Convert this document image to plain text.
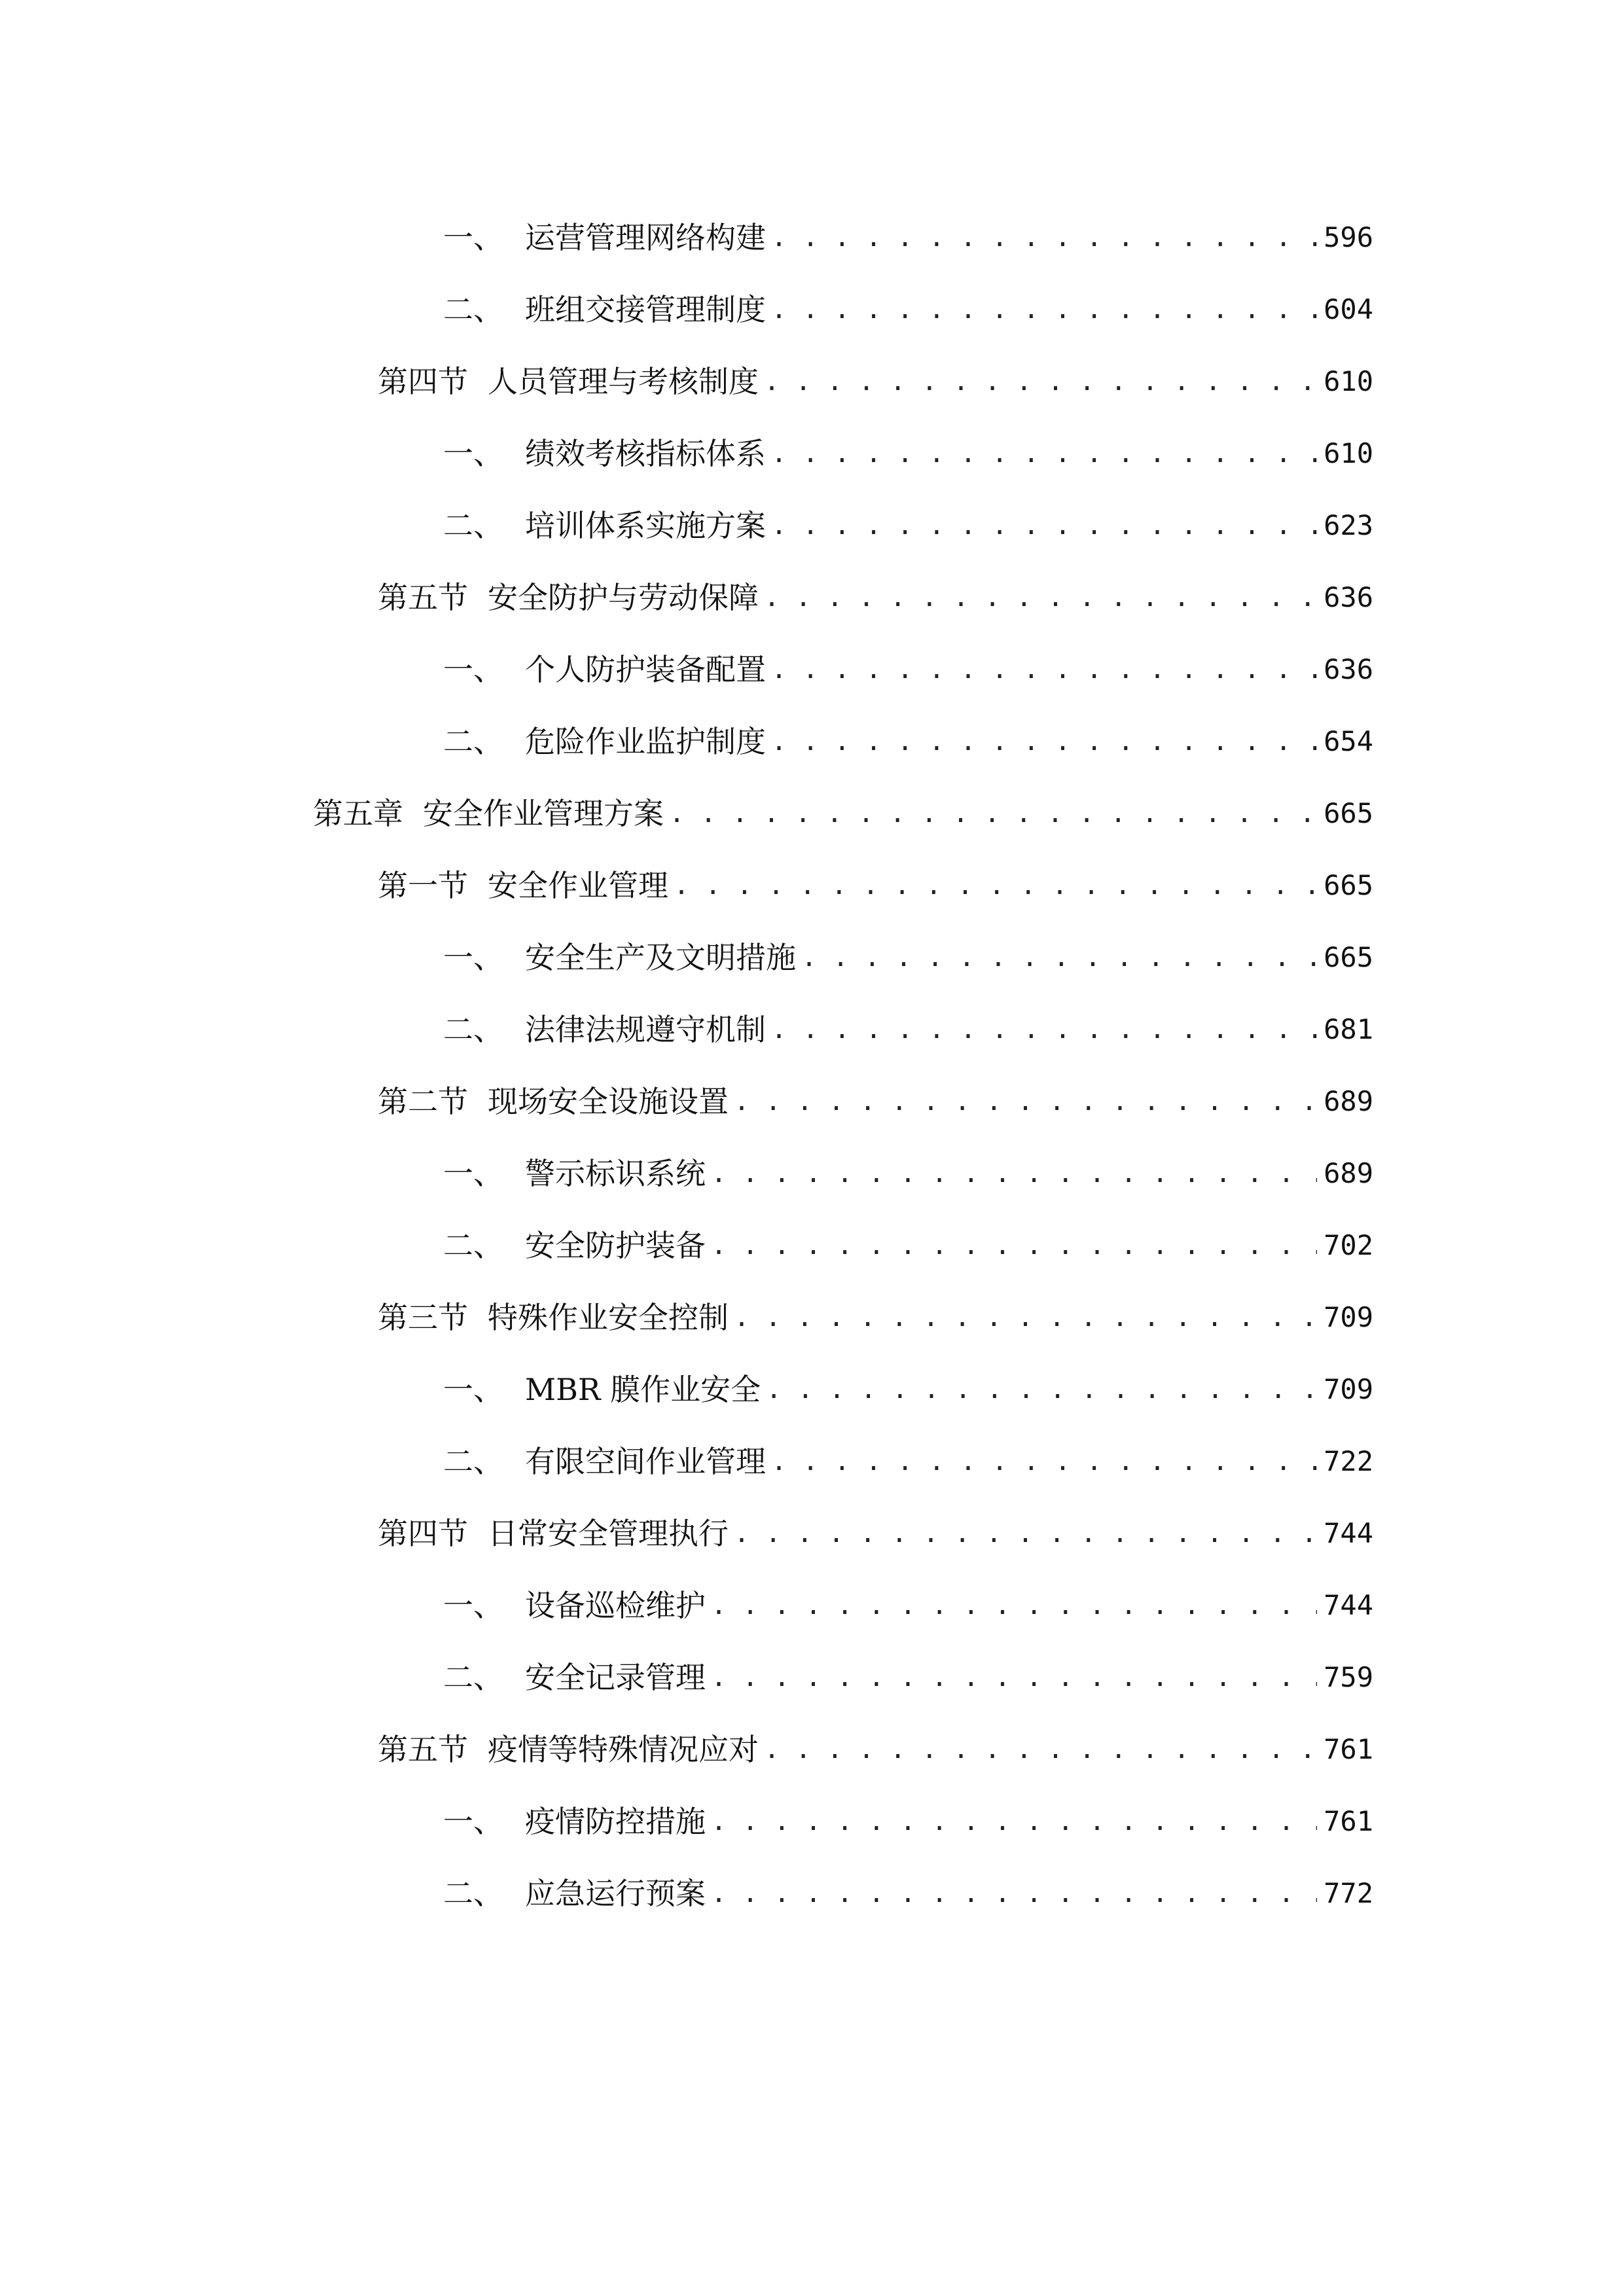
一、 运营管理网络构建 . . .	596
二、 班组交接管理制度 . . .	604
第四节 人员管理与考核制度 . . .	610
一、 绩效考核指标体系 . . .	610
二、 培训体系实施方案 . . .	623
第五节 安全防护与劳动保障 . . .	636
一、 个人防护装备配置 . . .	636
二、 危险作业监护制度 . . .	654
第五章 安全作业管理方案 . . .	665
第一节 安全作业管理 . . .	665
一、 安全生产及文明措施 . . .	665
二、 法律法规遵守机制 . . .	681
第二节 现场安全设施设置 . . .	689
一、 警示标识系统 . . .	689
二、 安全防护装备 . . .	702
第三节 特殊作业安全控制 . . .	709
一、 MBR 膜作业安全 . . .	709
二、 有限空间作业管理 . . .	722
第四节 日常安全管理执行 . . .	744
一、 设备巡检维护 . . .	744
二、 安全记录管理 . . .	759
第五节 疫情等特殊情况应对 . . .	761
一、 疫情防控措施 . . .	761
二、 应急运行预案 . . .	772
